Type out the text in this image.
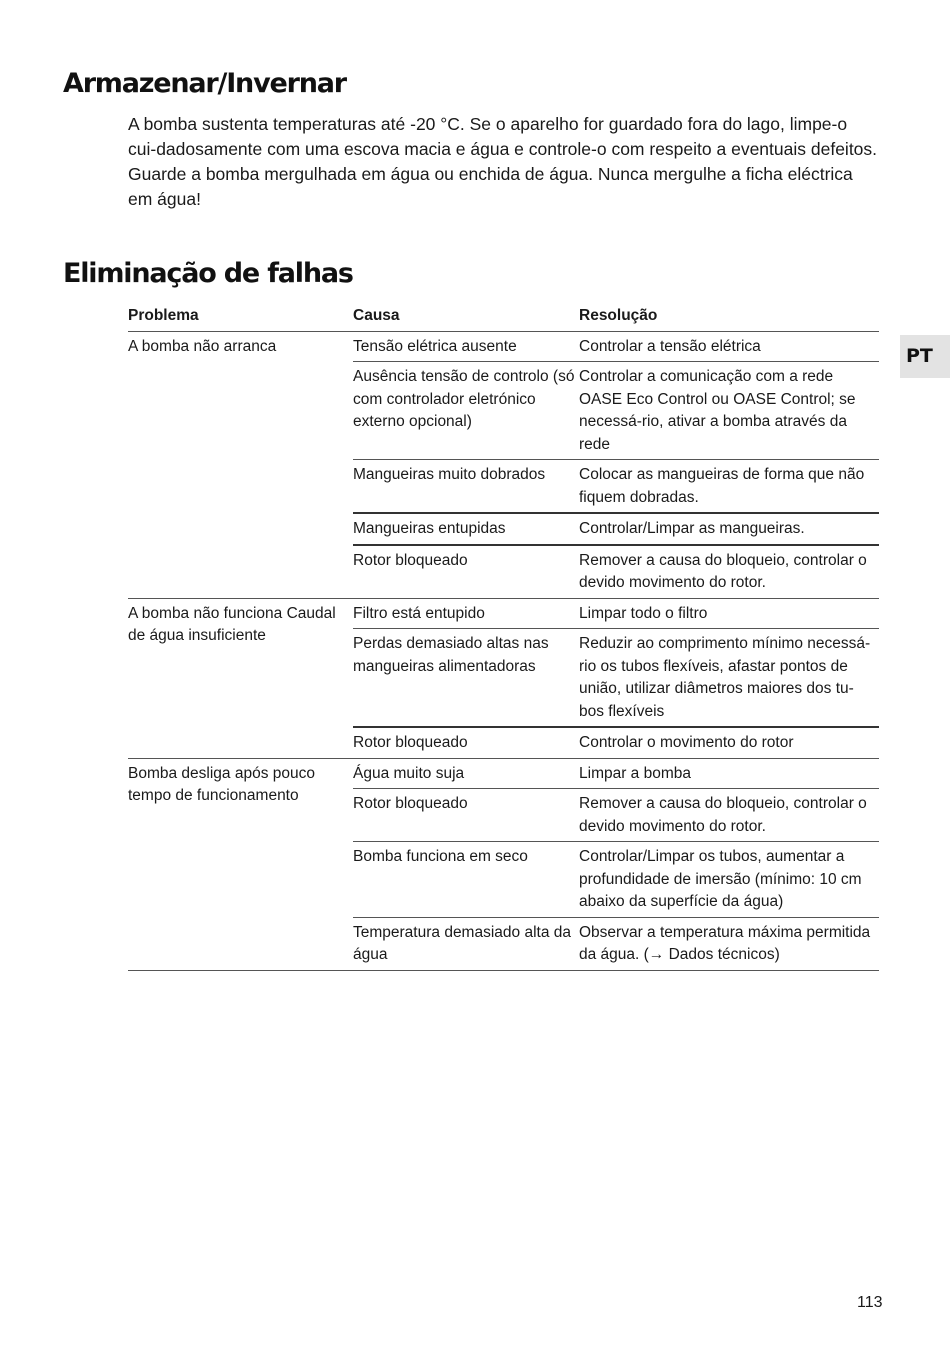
Armazenar/Invernar

A bomba sustenta temperaturas até -20 °C. Se o aparelho for guardado fora do lago, limpe-o cui-dadosamente com uma escova macia e água e controle-o com respeito a eventuais defeitos. Guarde a bomba mergulhada em água ou enchida de água. Nunca mergulhe a ficha eléctrica em água!

Eliminação de falhas
PT
Problema	Causa	Resolução
A bomba não arranca	Tensão elétrica ausente	Controlar a tensão elétrica
	Ausência tensão de controlo (só com controlador eletrónico externo opcional)	Controlar a comunicação com a rede OASE Eco Control ou OASE Control; se necessá-rio, ativar a bomba através da rede
	Mangueiras muito dobrados	Colocar as mangueiras de forma que não fiquem dobradas.
	Mangueiras entupidas	Controlar/Limpar as mangueiras.
	Rotor bloqueado	Remover a causa do bloqueio, controlar o devido movimento do rotor.
A bomba não funciona Caudal de água insuficiente	Filtro está entupido	Limpar todo o filtro
	Perdas demasiado altas nas mangueiras alimentadoras	Reduzir ao comprimento mínimo necessá-rio os tubos flexíveis, afastar pontos de união, utilizar diâmetros maiores dos tu-bos flexíveis
	Rotor bloqueado	Controlar o movimento do rotor
Bomba desliga após pouco tempo de funcionamento	Água muito suja	Limpar a bomba
	Rotor bloqueado	Remover a causa do bloqueio, controlar o devido movimento do rotor.
	Bomba funciona em seco	Controlar/Limpar os tubos, aumentar a profundidade de imersão (mínimo: 10 cm abaixo da superfície da água)
	Temperatura demasiado alta da água	Observar a temperatura máxima permitida da água. (→ Dados técnicos)
113
